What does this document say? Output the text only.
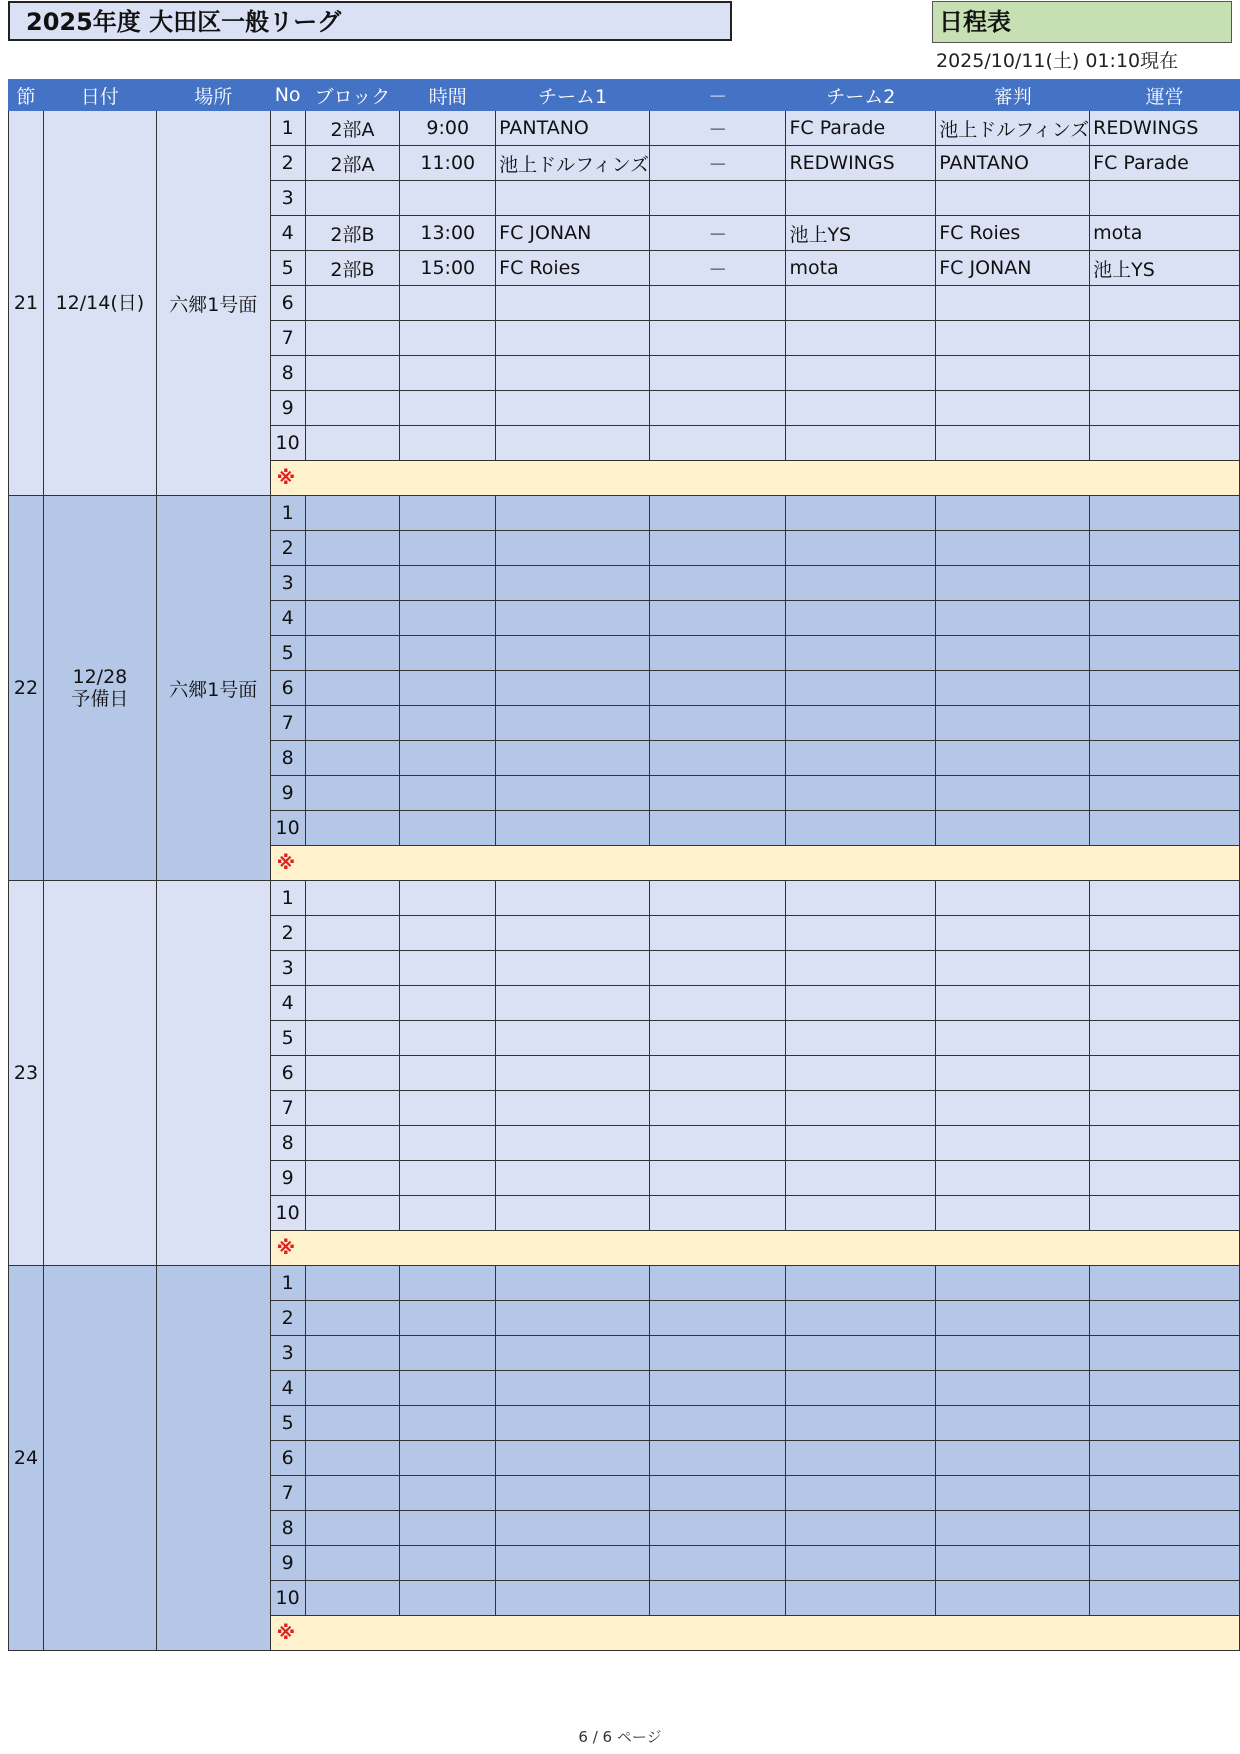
2025年度 大田区一般リーグ	日程表
2025/10/11(土) 01:10現在
節	日付	場所	No	ブロック	時間	チーム1	－	チーム2	審判	運営
21	12/14(日)	六郷1号面	1	2部A	9:00	PANTANO	－	FC Parade	池上ドルフィンズ	REDWINGS
			2	2部A	11:00	池上ドルフィンズ	－	REDWINGS	PANTANO	FC Parade
			3							
			4	2部B	13:00	FC JONAN	－	池上YS	FC Roies	mota
			5	2部B	15:00	FC Roies	－	mota	FC JONAN	池上YS
			6							
			7							
			8							
			9							
			10							
			※							
22	12/28
予備日	六郷1号面	1							
			2							
			3							
			4							
			5							
			6							
			7							
			8							
			9							
			10							
			※							
23			1							
			2							
			3							
			4							
			5							
			6							
			7							
			8							
			9							
			10							
			※							
24			1							
			2							
			3							
			4							
			5							
			6							
			7							
			8							
			9							
			10							
			※							
6 / 6 ページ
